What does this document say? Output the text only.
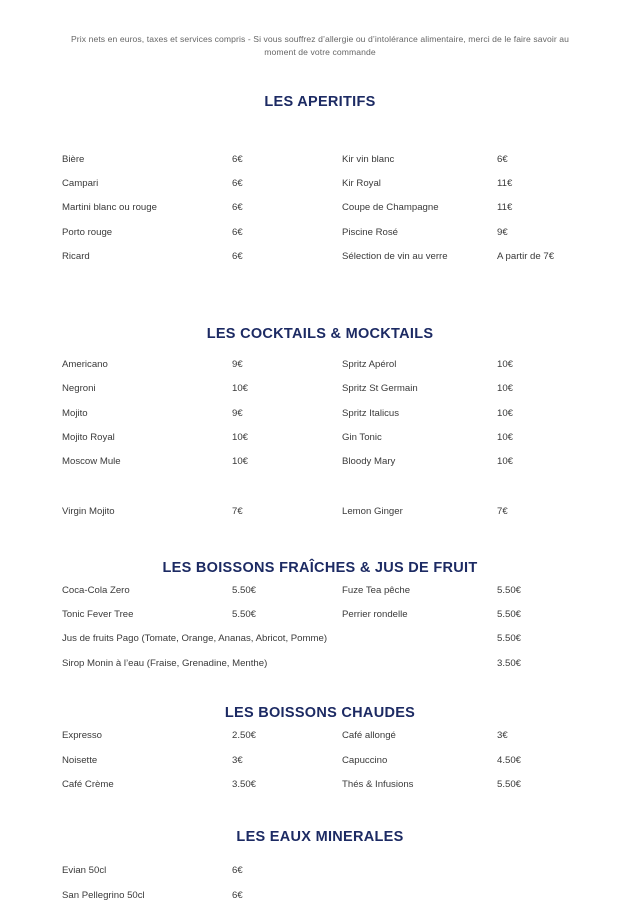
Prix nets en euros, taxes et services compris - Si vous souffrez d’allergie ou d’intolérance alimentaire, merci de le faire savoir au moment de votre commande

LES APERITIFS
Bière	6€	Kir vin blanc	6€
Campari	6€	Kir Royal	11€
Martini blanc ou rouge	6€	Coupe de Champagne	11€
Porto rouge	6€	Piscine Rosé	9€
Ricard	6€	Sélection de vin au verre	A partir de 7€
LES COCKTAILS & MOCKTAILS
Americano	9€	Spritz Apérol	10€
Negroni	10€	Spritz St Germain	10€
Mojito	9€	Spritz Italicus	10€
Mojito Royal	10€	Gin Tonic	10€
Moscow Mule	10€	Bloody Mary	10€
Virgin Mojito	7€	Lemon Ginger	7€
LES BOISSONS FRAÎCHES & JUS DE FRUIT
Coca-Cola Zero	5.50€	Fuze Tea pêche	5.50€
Tonic Fever Tree	5.50€	Perrier rondelle	5.50€
Jus de fruits Pago (Tomate, Orange, Ananas, Abricot, Pomme)	5.50€
Sirop Monin à l’eau (Fraise, Grenadine, Menthe)	3.50€
LES BOISSONS CHAUDES
Expresso	2.50€	Café allongé	3€
Noisette	3€	Capuccino	4.50€
Café Crème	3.50€	Thés & Infusions	5.50€
LES EAUX MINERALES
Evian 50cl	6€
San Pellegrino 50cl	6€
